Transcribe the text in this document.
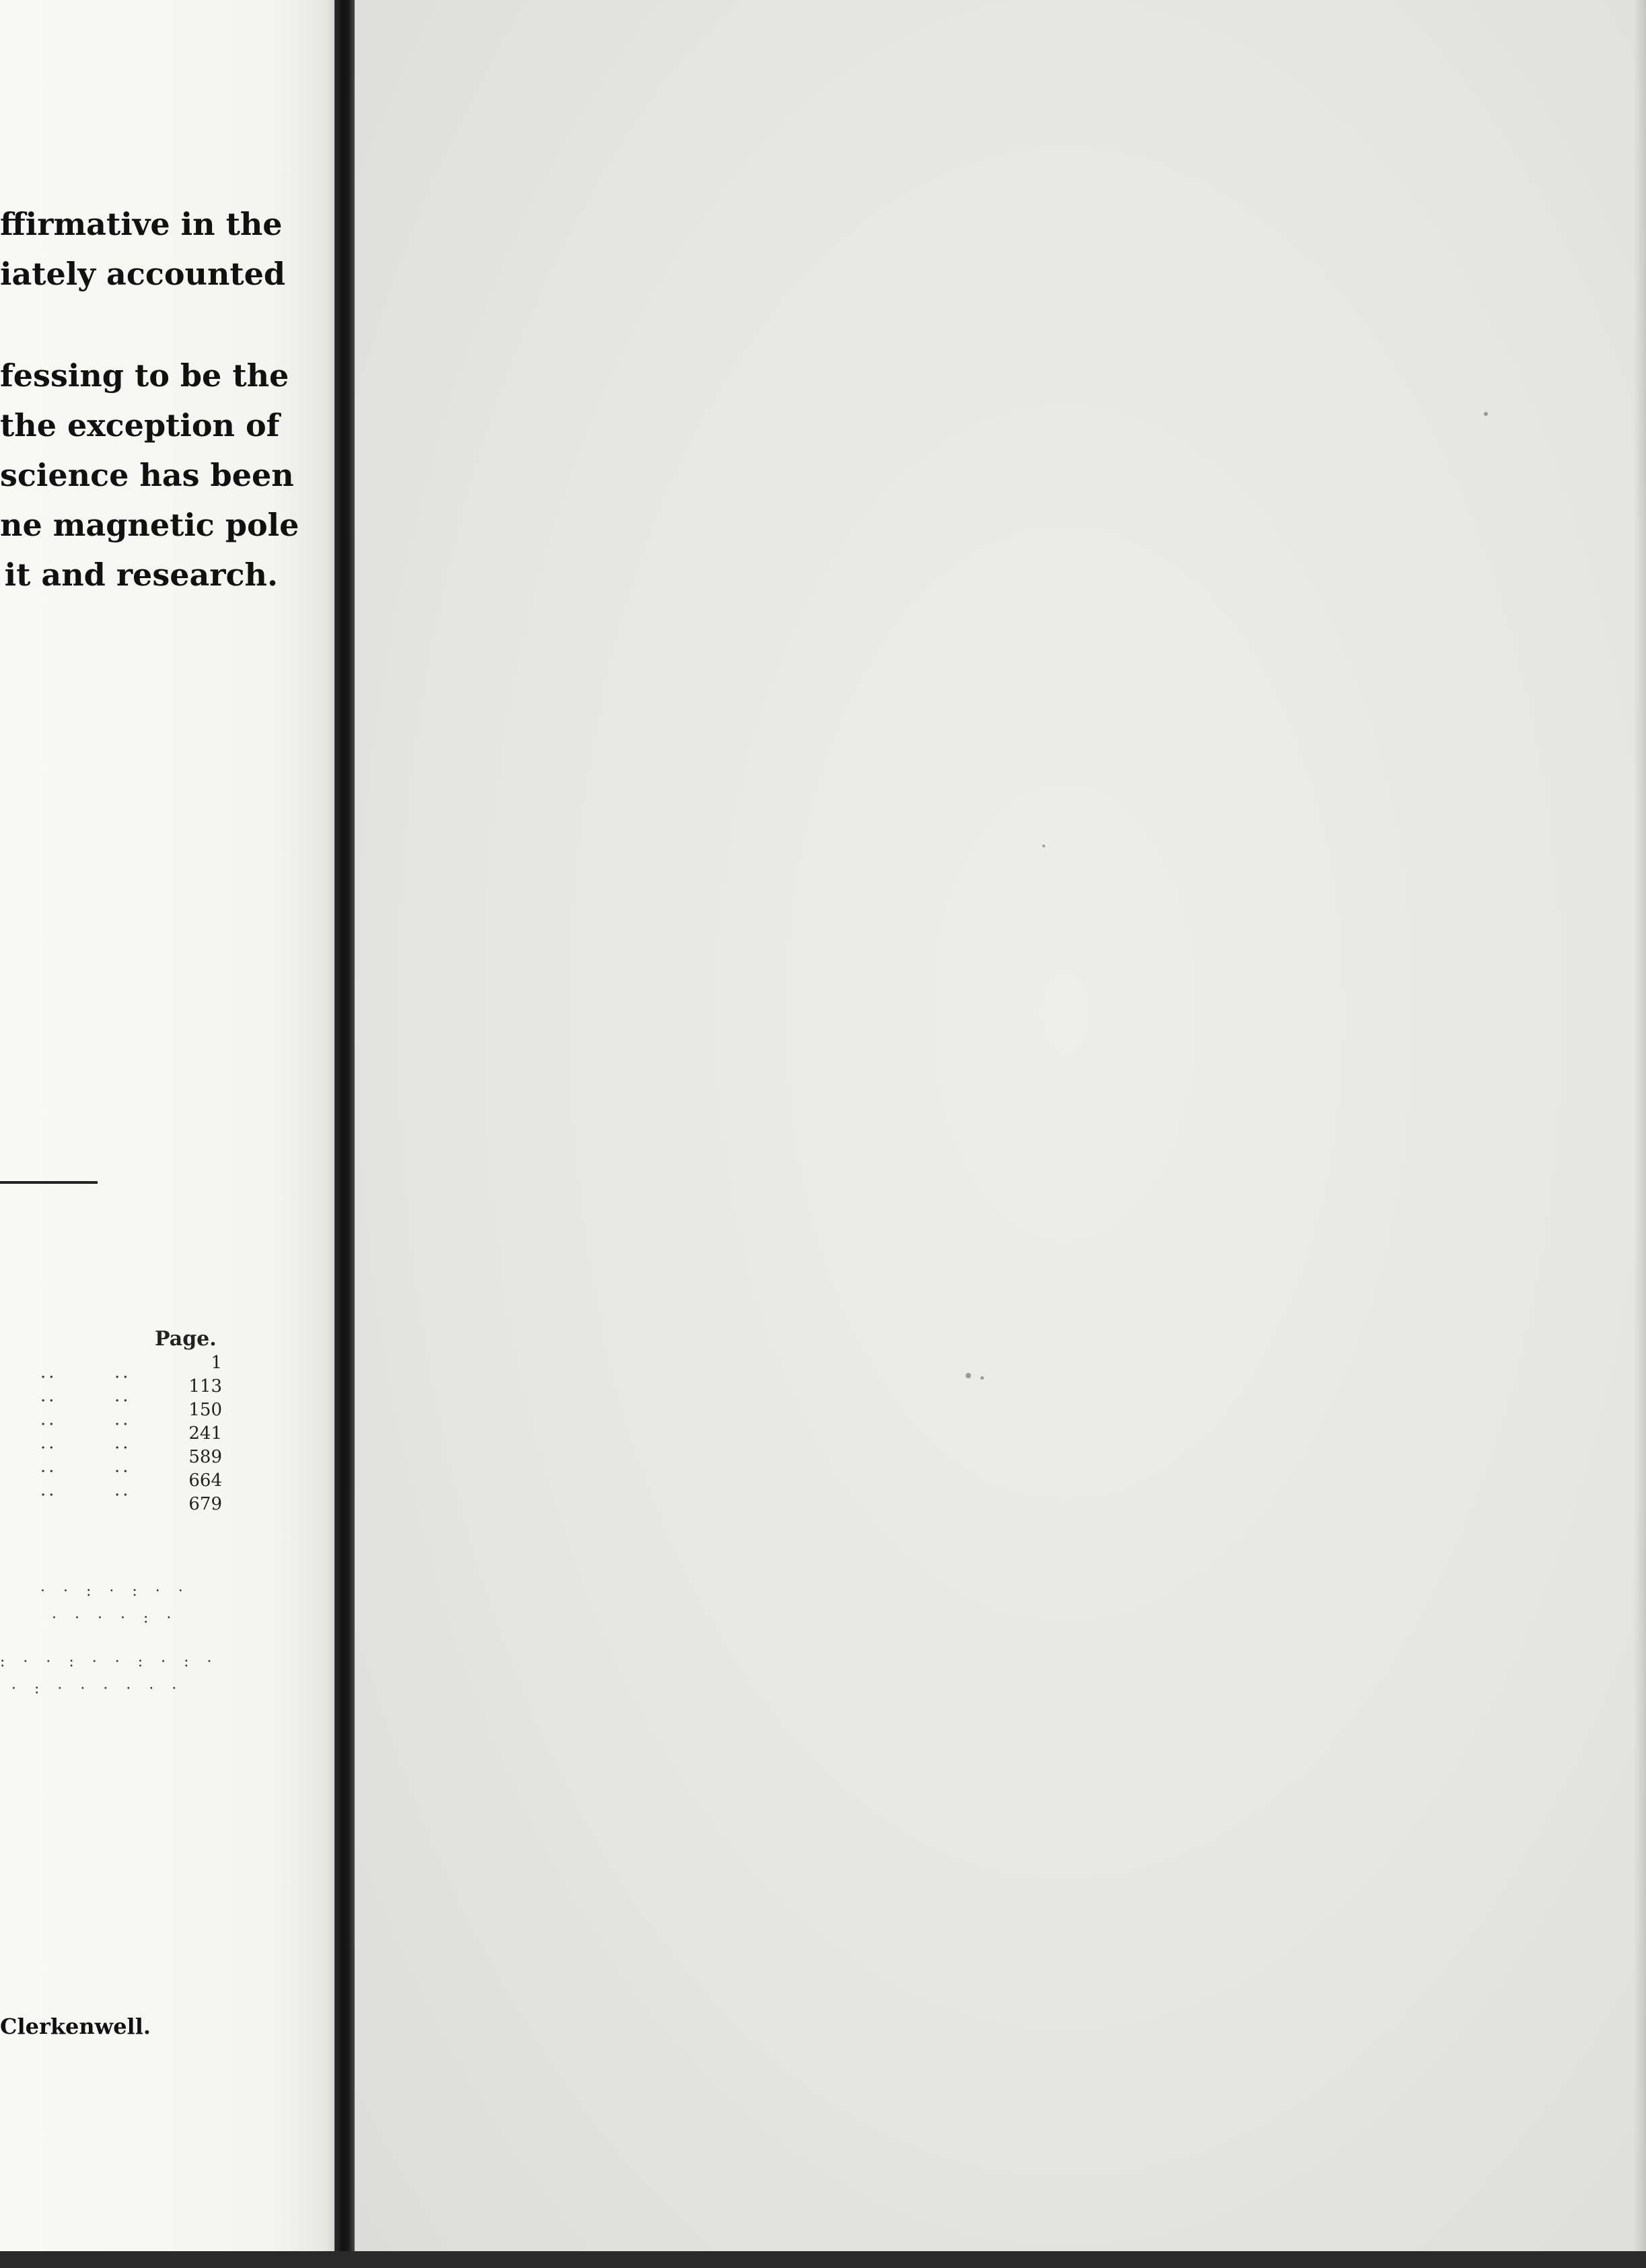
ffirmative in the
iately accounted
fessing to be the
the exception of
science has been
ne magnetic pole
it and research.
Page.
1
113
150
241
589
664
679
··
··
··
··
··
··
··
··
··
··
··
··
· · : · : · ·
· · · · : ·
: · · : · · : · : ·
· : · · · · · ·
Clerkenwell.
